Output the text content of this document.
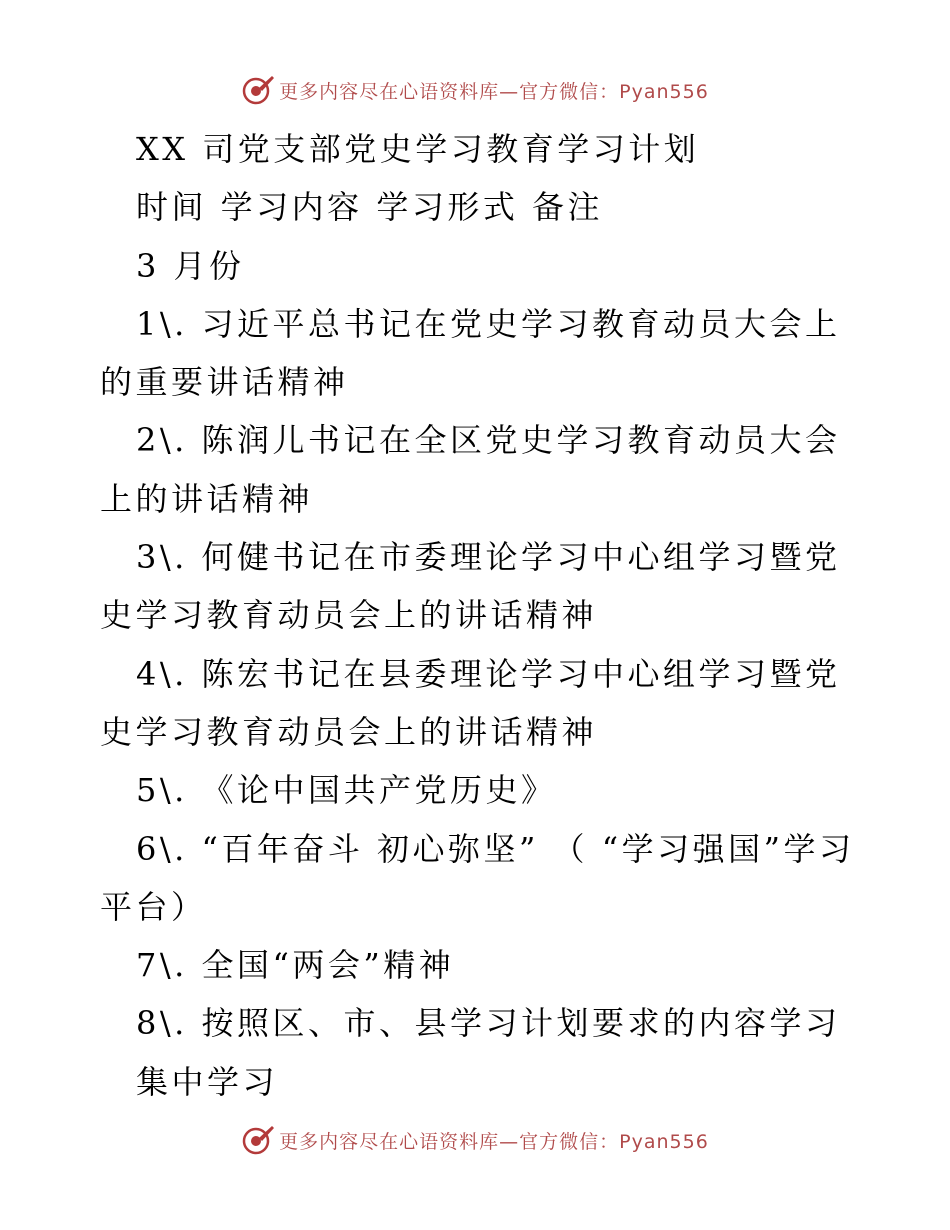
更多内容尽在心语资料库—官方微信：Pyan556

XX 司党支部党史学习教育学习计划

时间 学习内容 学习形式 备注

3 月份

1\. 习近平总书记在党史学习教育动员大会上的重要讲话精神

2\. 陈润儿书记在全区党史学习教育动员大会上的讲话精神

3\. 何健书记在市委理论学习中心组学习暨党史学习教育动员会上的讲话精神

4\. 陈宏书记在县委理论学习中心组学习暨党史学习教育动员会上的讲话精神

5\. 《论中国共产党历史》

6\. “百年奋斗 初心弥坚” （ “学习强国”学习平台）

7\. 全国“两会”精神

8\. 按照区、市、县学习计划要求的内容学习

集中学习

更多内容尽在心语资料库—官方微信：Pyan556
